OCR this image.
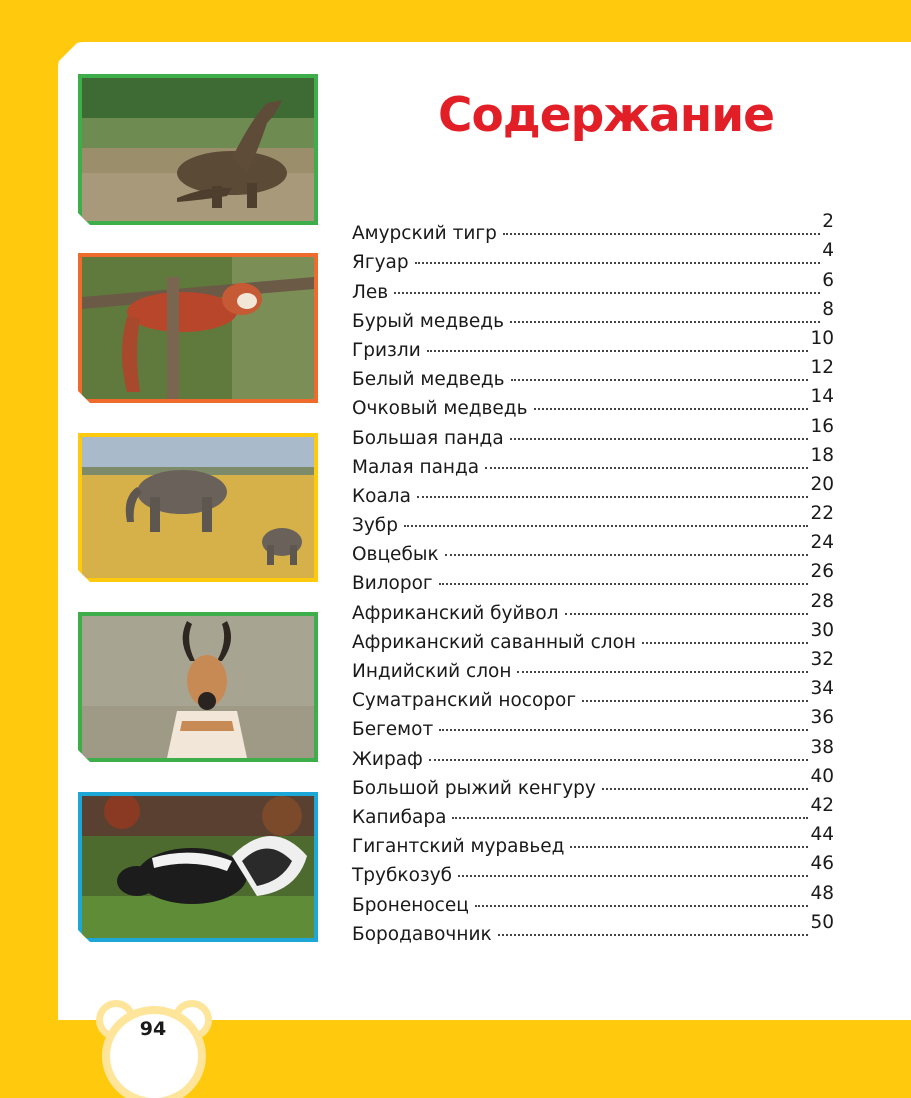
Содержание
Амурский тигр
2
Ягуар
4
Лев
6
Бурый медведь
8
Гризли
10
Белый медведь
12
Очковый медведь
14
Большая панда
16
Малая панда
18
Коала
20
Зубр
22
Овцебык
24
Вилорог
26
Африканский буйвол
28
Африканский саванный слон
30
Индийский слон
32
Суматранский носорог
34
Бегемот
36
Жираф
38
Большой рыжий кенгуру
40
Капибара
42
Гигантский муравьед
44
Трубкозуб
46
Броненосец
48
Бородавочник
50
94
